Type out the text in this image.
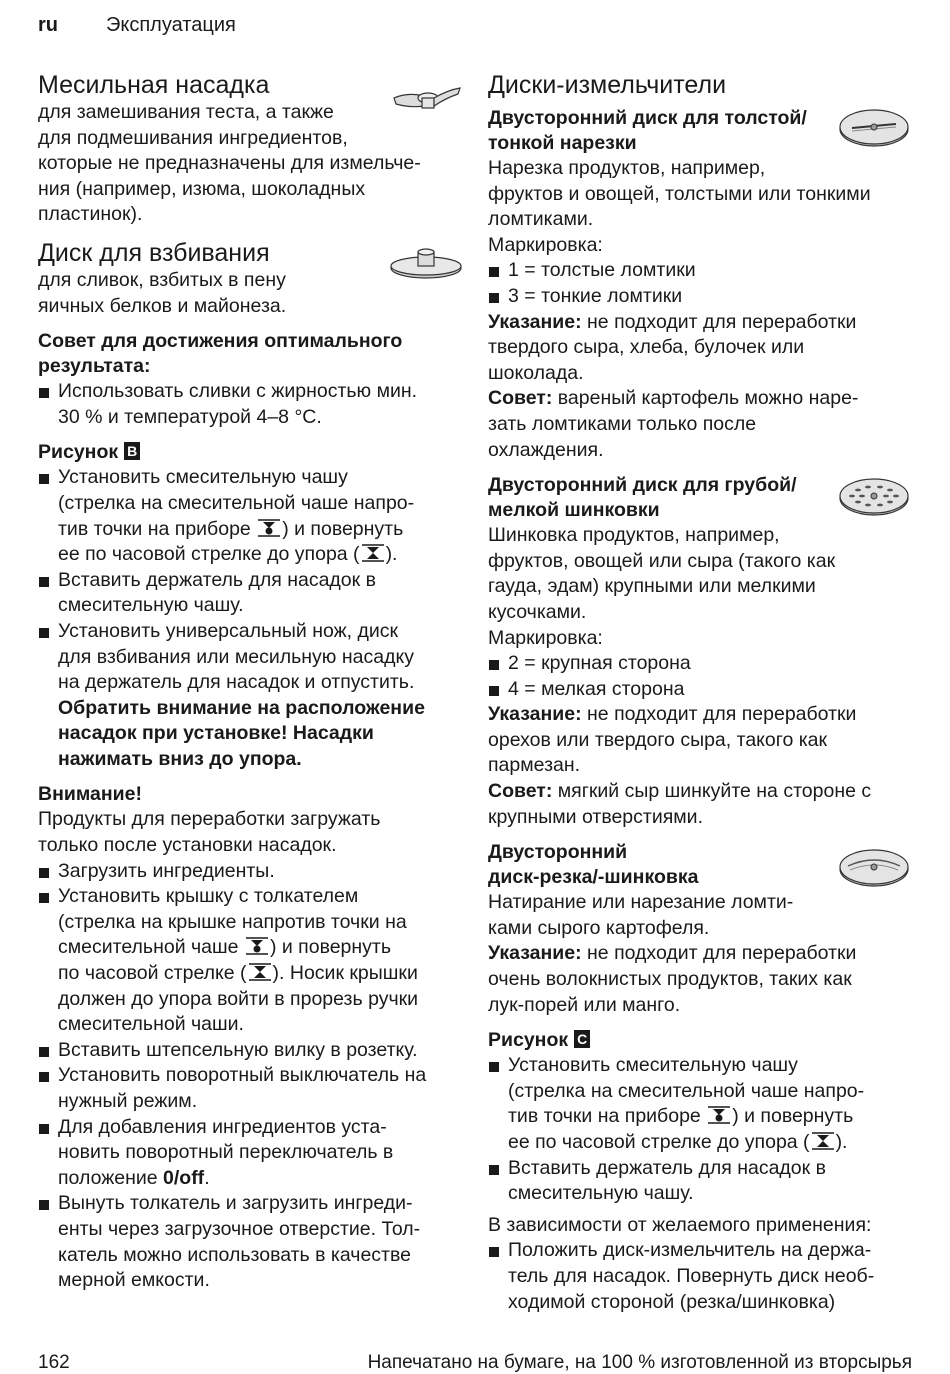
ru Эксплуатация
Месильная насадка

для замешивания теста, а также

для подмешивания ингредиентов,

которые не предназначены для измельче-

ния (например, изюма, шоколадных

пластинок).

Диск для взбивания

для сливок, взбитых в пену

яичных белков и майонеза.

Совет для достижения оптимального
результата:
Использовать сливки с жирностью мин.
30 % и температурой 4–8 °C.
Рисунок B
Установить смесительную чашу
(стрелка на смесительной чаше напро-
тив точки на приборе ) и повернуть
ее по часовой стрелке до упора ( ).
Вставить держатель для насадок в
смесительную чашу.
Установить универсальный нож, диск
для взбивания или месильную насадку
на держатель для насадок и отпустить.
Обратить внимание на расположение
насадок при установке! Насадки
нажимать вниз до упора.
Внимание!

Продукты для переработки загружать

только после установки насадок.

Загрузить ингредиенты.
Установить крышку с толкателем
(стрелка на крышке напротив точки на
смесительной чаше ) и повернуть
по часовой стрелке ( ). Носик крышки
должен до упора войти в прорезь ручки
смесительной чаши.
Вставить штепсельную вилку в розетку.
Установить поворотный выключатель на
нужный режим.
Для добавления ингредиентов уста-
новить поворотный переключатель в
положение 0/off.
Вынуть толкатель и загрузить ингреди-
енты через загрузочное отверстие. Тол-
катель можно использовать в качестве
мерной емкости.
Диски-измельчители
Двусторонний диск для толстой/
тонкой нарезки

Нарезка продуктов, например,

фруктов и овощей, толстыми или тонкими

ломтиками.

Маркировка:

1 = толстые ломтики
3 = тонкие ломтики

Указание: не подходит для переработки

твердого сыра, хлеба, булочек или

шоколада.

Совет: вареный картофель можно наре-

зать ломтиками только после

охлаждения.

Двусторонний диск для грубой/
мелкой шинковки

Шинковка продуктов, например,

фруктов, овощей или сыра (такого как

гауда, эдам) крупными или мелкими

кусочками.

Маркировка:

2 = крупная сторона
4 = мелкая сторона

Указание: не подходит для переработки

орехов или твердого сыра, такого как

пармезан.

Совет: мягкий сыр шинкуйте на стороне с

крупными отверстиями.

Двусторонний
диск-резка/-шинковка

Натирание или нарезание ломти-

ками сырого картофеля.

Указание: не подходит для переработки

очень волокнистых продуктов, таких как

лук-порей или манго.

Рисунок C
Установить смесительную чашу
(стрелка на смесительной чаше напро-
тив точки на приборе ) и повернуть
ее по часовой стрелке до упора ( ).
Вставить держатель для насадок в
смесительную чашу.

В зависимости от желаемого применения:

Положить диск-измельчитель на держа-
тель для насадок. Повернуть диск необ-
ходимой стороной (резка/шинковка)
162	Напечатано на бумаге, на 100 % изготовленной из вторсырья
